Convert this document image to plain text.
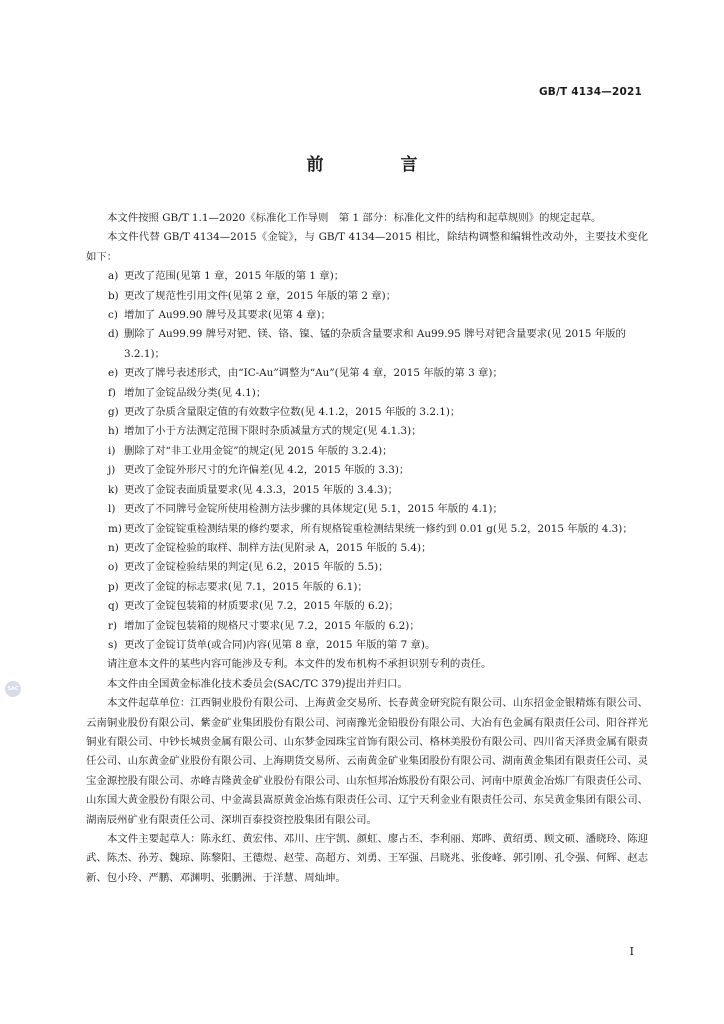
GB/T 4134—2021
前　言

本文件按照 GB/T 1.1—2020《标准化工作导则　第 1 部分：标准化文件的结构和起草规则》的规定起草。

本文件代替 GB/T 4134—2015《金锭》，与 GB/T 4134—2015 相比，除结构调整和编辑性改动外，主要技术变化如下：

a) 更改了范围(见第 1 章，2015 年版的第 1 章)；
b) 更改了规范性引用文件(见第 2 章，2015 年版的第 2 章)；
c) 增加了 Au99.90 牌号及其要求(见第 4 章)；
d) 删除了 Au99.99 牌号对钯、镁、铬、镍、锰的杂质含量要求和 Au99.95 牌号对钯含量要求(见 2015 年版的 3.2.1)；
e) 更改了牌号表述形式，由“IC-Au”调整为“Au”(见第 4 章，2015 年版的第 3 章)；
f) 增加了金锭品级分类(见 4.1)；
g) 更改了杂质含量限定值的有效数字位数(见 4.1.2，2015 年版的 3.2.1)；
h) 增加了小于方法测定范围下限时杂质减量方式的规定(见 4.1.3)；
i) 删除了对“非工业用金锭”的规定(见 2015 年版的 3.2.4)；
j) 更改了金锭外形尺寸的允许偏差(见 4.2，2015 年版的 3.3)；
k) 更改了金锭表面质量要求(见 4.3.3，2015 年版的 3.4.3)；
l) 更改了不同牌号金锭所使用检测方法步骤的具体规定(见 5.1，2015 年版的 4.1)；
m) 更改了金锭锭重检测结果的修约要求，所有规格锭重检测结果统一修约到 0.01 g(见 5.2，2015 年版的 4.3)；
n) 更改了金锭检验的取样、制样方法(见附录 A，2015 年版的 5.4)；
o) 更改了金锭检验结果的判定(见 6.2，2015 年版的 5.5)；
p) 更改了金锭的标志要求(见 7.1，2015 年版的 6.1)；
q) 更改了金锭包装箱的材质要求(见 7.2，2015 年版的 6.2)；
r) 增加了金锭包装箱的规格尺寸要求(见 7.2，2015 年版的 6.2)；
s) 更改了金锭订货单(或合同)内容(见第 8 章，2015 年版的第 7 章)。

请注意本文件的某些内容可能涉及专利。本文件的发布机构不承担识别专利的责任。

本文件由全国黄金标准化技术委员会(SAC/TC 379)提出并归口。

本文件起草单位：江西铜业股份有限公司、上海黄金交易所、长春黄金研究院有限公司、山东招金金银精炼有限公司、云南铜业股份有限公司、紫金矿业集团股份有限公司、河南豫光金铅股份有限公司、大冶有色金属有限责任公司、阳谷祥光铜业有限公司、中钞长城贵金属有限公司、山东梦金园珠宝首饰有限公司、格林美股份有限公司、四川省天泽贵金属有限责任公司、山东黄金矿业股份有限公司、上海期货交易所、云南黄金矿业集团股份有限公司、湖南黄金集团有限责任公司、灵宝金源控股有限公司、赤峰吉隆黄金矿业股份有限公司、山东恒邦冶炼股份有限公司、河南中原黄金冶炼厂有限责任公司、山东国大黄金股份有限公司、中金嵩县嵩原黄金冶炼有限责任公司、辽宁天利金业有限责任公司、东吴黄金集团有限公司、湖南辰州矿业有限责任公司、深圳百泰投资控股集团有限公司。

本文件主要起草人：陈永红、黄宏伟、邓川、庄宇凯、颜虹、廖占丕、李利丽、郑晔、黄绍勇、顾文硕、潘晓玲、陈迎武、陈杰、孙芳、魏琼、陈黎阳、王德煜、赵莹、高超方、刘勇、王军强、吕晓兆、张俊峰、郭引刚、孔令强、何辉、赵志新、包小玲、严鹏、邓渊明、张鹏洲、于洋慧、周灿坤。

SAC
I
